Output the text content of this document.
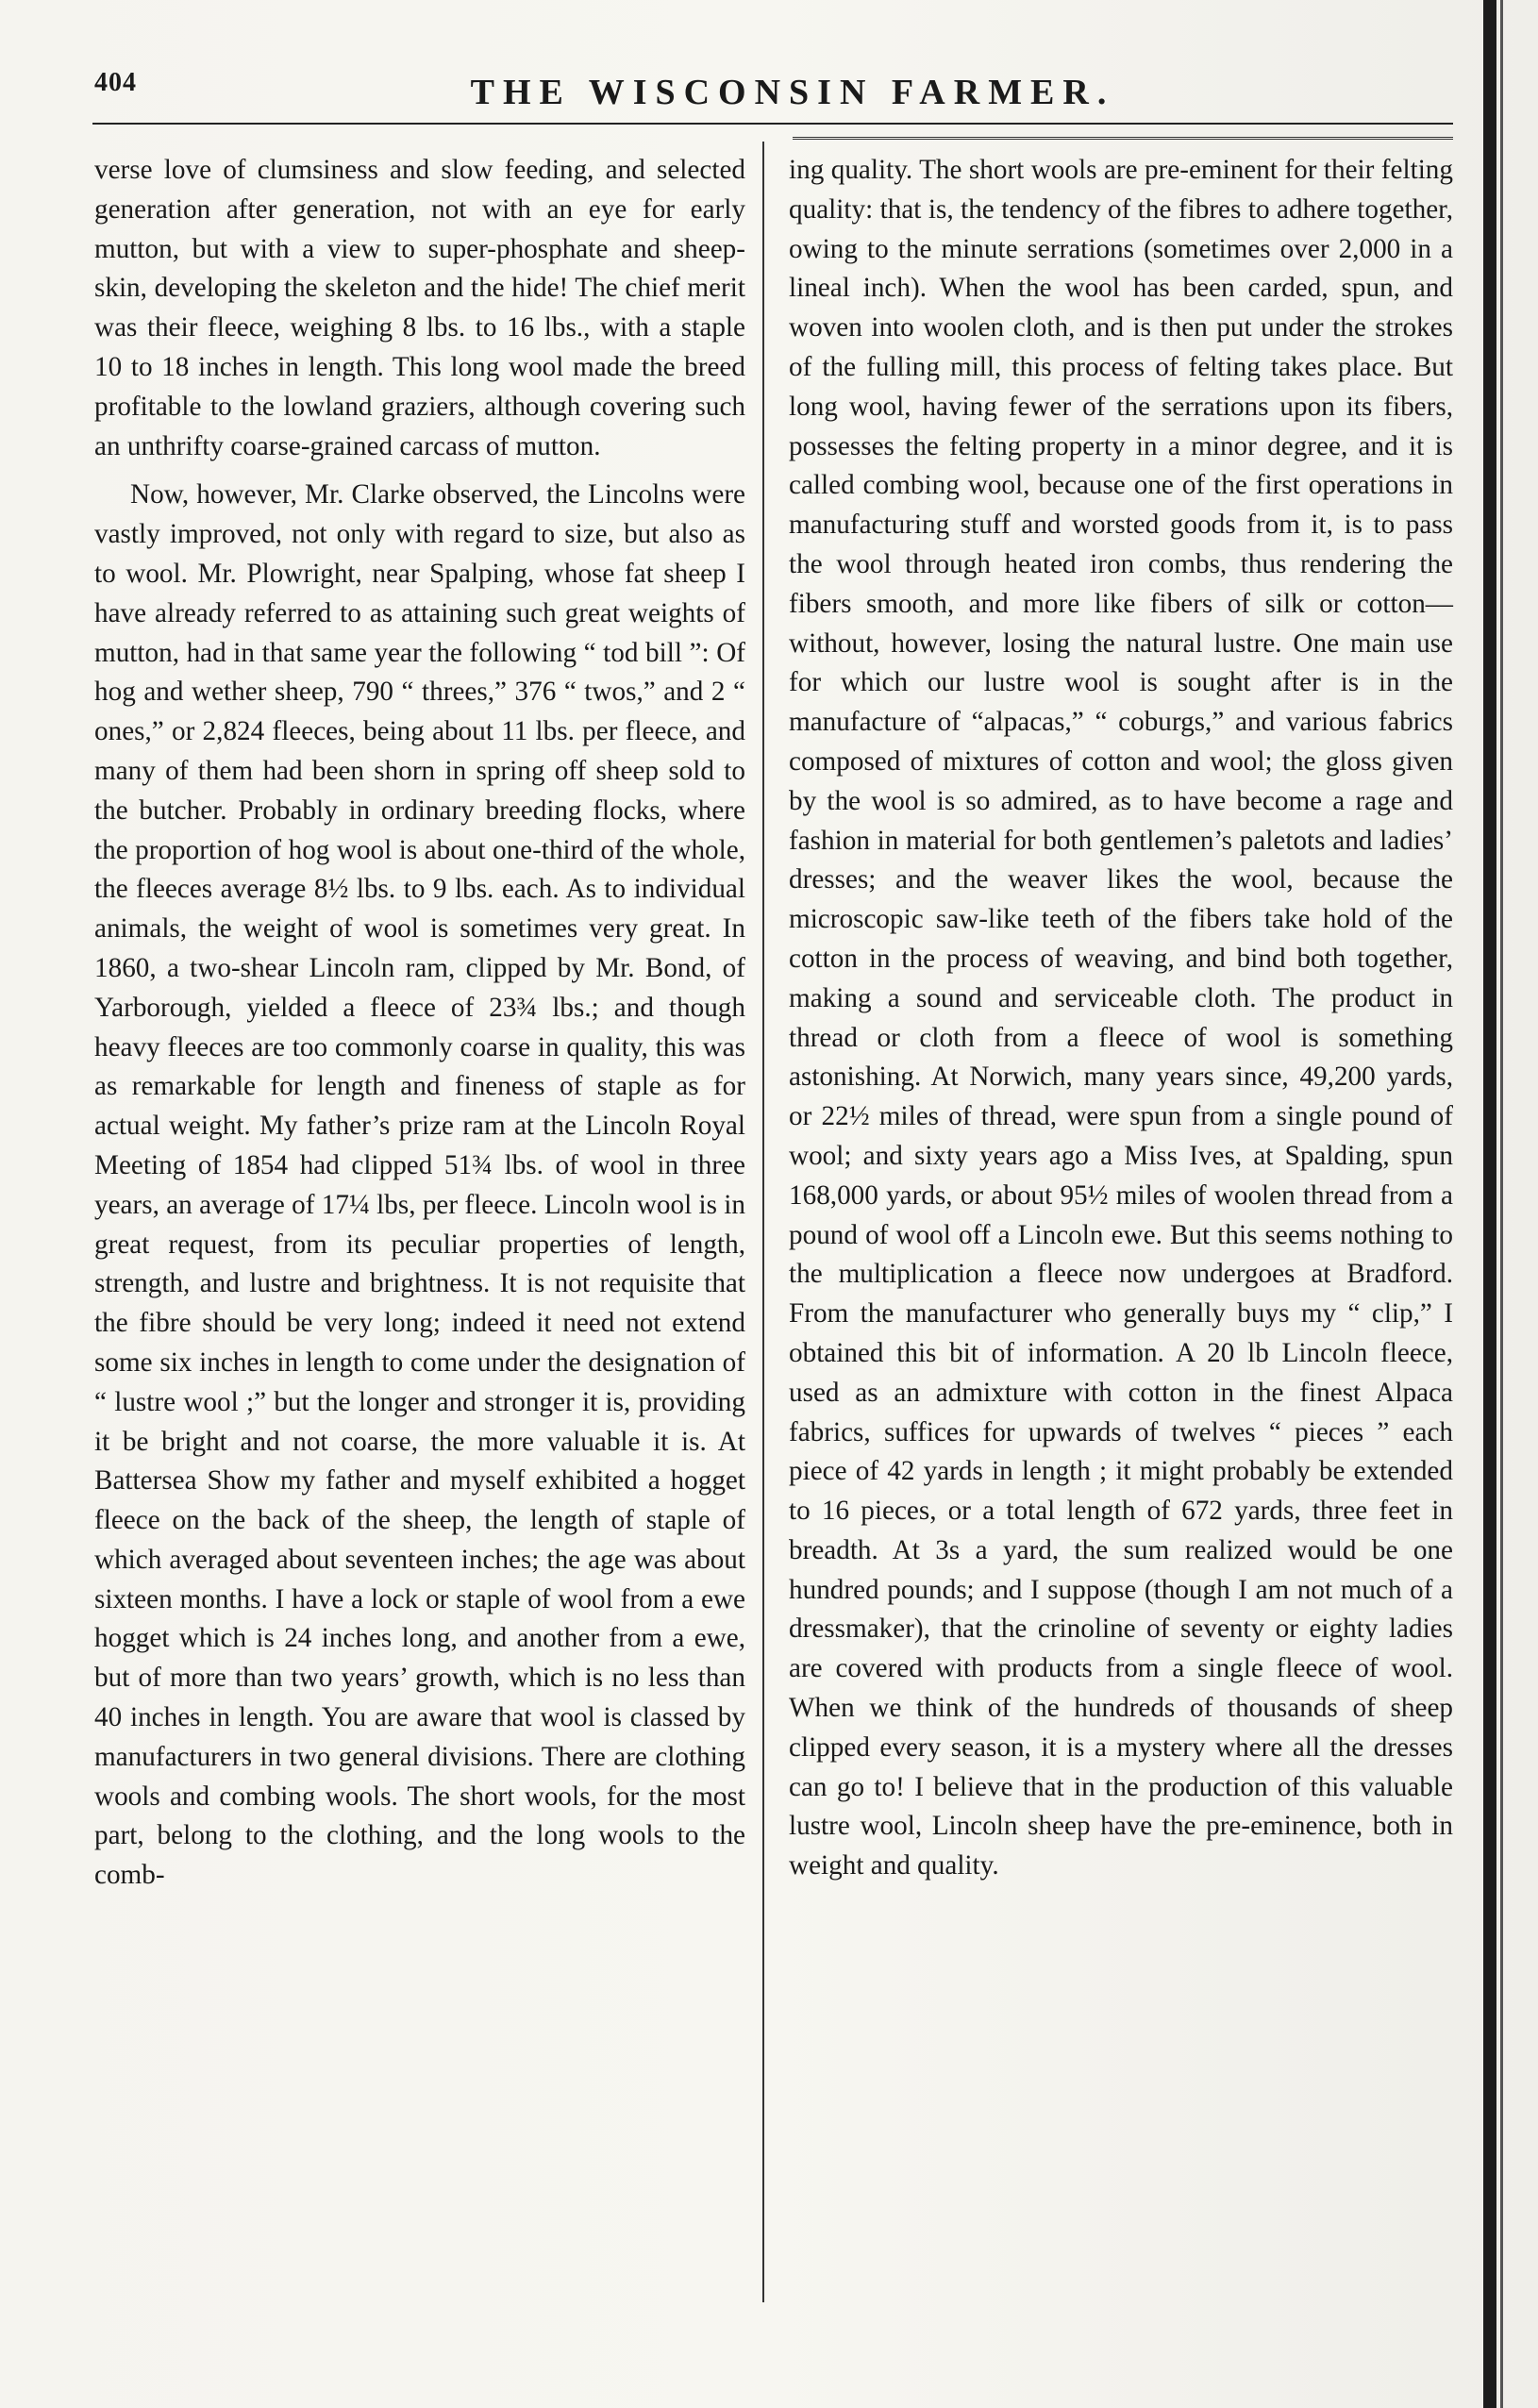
404	THE WISCONSIN FARMER.

verse love of clumsiness and slow feeding, and selected generation after generation, not with an eye for early mutton, but with a view to super-phosphate and sheep-skin, developing the skeleton and the hide! The chief merit was their fleece, weighing 8 lbs. to 16 lbs., with a staple 10 to 18 inches in length. This long wool made the breed profitable to the lowland graziers, although covering such an unthrifty coarse-grained carcass of mutton.

Now, however, Mr. Clarke observed, the Lincolns were vastly improved, not only with regard to size, but also as to wool. Mr. Plowright, near Spalping, whose fat sheep I have already referred to as attaining such great weights of mutton, had in that same year the following “ tod bill ”: Of hog and wether sheep, 790 “ threes,” 376 “ twos,” and 2 “ ones,” or 2,824 fleeces, being about 11 lbs. per fleece, and many of them had been shorn in spring off sheep sold to the butcher. Probably in ordinary breeding flocks, where the proportion of hog wool is about one-third of the whole, the fleeces average 8½ lbs. to 9 lbs. each. As to individual animals, the weight of wool is sometimes very great. In 1860, a two-shear Lincoln ram, clipped by Mr. Bond, of Yarborough, yielded a fleece of 23¾ lbs.; and though heavy fleeces are too commonly coarse in quality, this was as remarkable for length and fineness of staple as for actual weight. My father’s prize ram at the Lincoln Royal Meeting of 1854 had clipped 51¾ lbs. of wool in three years, an average of 17¼ lbs, per fleece. Lincoln wool is in great request, from its peculiar properties of length, strength, and lustre and brightness. It is not requisite that the fibre should be very long; indeed it need not extend some six inches in length to come under the designation of “ lustre wool ;” but the longer and stronger it is, providing it be bright and not coarse, the more valuable it is. At Battersea Show my father and myself exhibited a hogget fleece on the back of the sheep, the length of staple of which averaged about seventeen inches; the age was about sixteen months. I have a lock or staple of wool from a ewe hogget which is 24 inches long, and another from a ewe, but of more than two years’ growth, which is no less than 40 inches in length. You are aware that wool is classed by manufacturers in two general divisions. There are clothing wools and combing wools. The short wools, for the most part, belong to the clothing, and the long wools to the comb-

ing quality. The short wools are pre-eminent for their felting quality: that is, the tendency of the fibres to adhere together, owing to the minute serrations (sometimes over 2,000 in a lineal inch). When the wool has been carded, spun, and woven into woolen cloth, and is then put under the strokes of the fulling mill, this process of felting takes place. But long wool, having fewer of the serrations upon its fibers, possesses the felting property in a minor degree, and it is called combing wool, because one of the first operations in manufacturing stuff and worsted goods from it, is to pass the wool through heated iron combs, thus rendering the fibers smooth, and more like fibers of silk or cotton—without, however, losing the natural lustre. One main use for which our lustre wool is sought after is in the manufacture of “alpacas,” “ coburgs,” and various fabrics composed of mixtures of cotton and wool; the gloss given by the wool is so admired, as to have become a rage and fashion in material for both gentlemen’s paletots and ladies’ dresses; and the weaver likes the wool, because the microscopic saw-like teeth of the fibers take hold of the cotton in the process of weaving, and bind both together, making a sound and serviceable cloth. The product in thread or cloth from a fleece of wool is something astonishing. At Norwich, many years since, 49,200 yards, or 22½ miles of thread, were spun from a single pound of wool; and sixty years ago a Miss Ives, at Spalding, spun 168,000 yards, or about 95½ miles of woolen thread from a pound of wool off a Lincoln ewe. But this seems nothing to the multiplication a fleece now undergoes at Bradford. From the manufacturer who generally buys my “ clip,” I obtained this bit of information. A 20 lb Lincoln fleece, used as an admixture with cotton in the finest Alpaca fabrics, suffices for upwards of twelves “ pieces ” each piece of 42 yards in length ; it might probably be extended to 16 pieces, or a total length of 672 yards, three feet in breadth. At 3s a yard, the sum realized would be one hundred pounds; and I suppose (though I am not much of a dressmaker), that the crinoline of seventy or eighty ladies are covered with products from a single fleece of wool. When we think of the hundreds of thousands of sheep clipped every season, it is a mystery where all the dresses can go to! I believe that in the production of this valuable lustre wool, Lincoln sheep have the pre-eminence, both in weight and quality.
